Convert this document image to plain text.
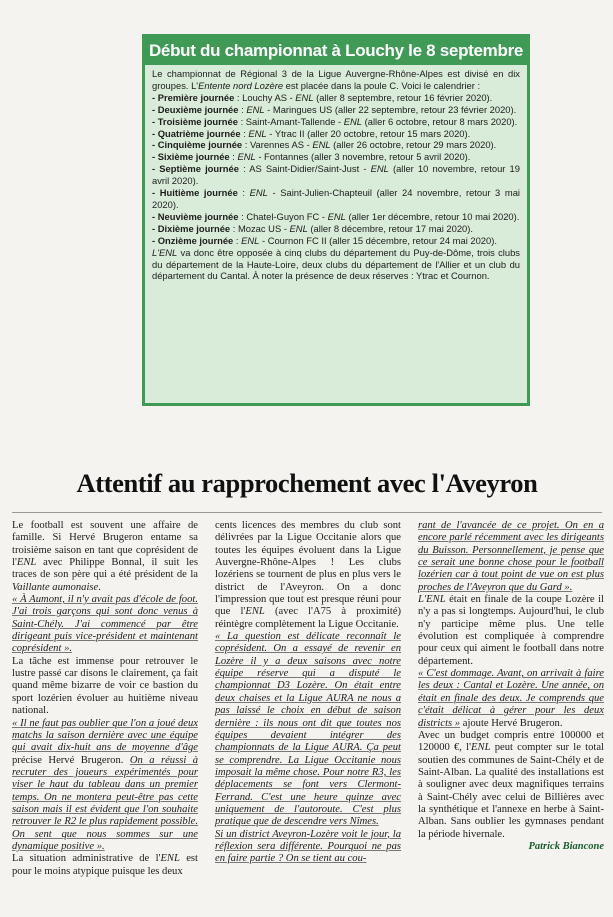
Début du championnat à Louchy le 8 septembre

Le championnat de Régional 3 de la Ligue Auvergne-Rhône-Alpes est divisé en dix groupes. L'Entente nord Lozère est placée dans la poule C. Voici le calendrier :

- Première journée : Louchy AS - ENL (aller 8 septembre, retour 16 février 2020).

- Deuxième journée : ENL - Maringues US (aller 22 septembre, retour 23 février 2020).

- Troisième journée : Saint-Amant-Tallende - ENL (aller 6 octobre, retour 8 mars 2020).

- Quatrième journée : ENL - Ytrac II (aller 20 octobre, retour 15 mars 2020).

- Cinquième journée : Varennes AS - ENL (aller 26 octobre, retour 29 mars 2020).

- Sixième journée : ENL - Fontannes (aller 3 novembre, retour 5 avril 2020).

- Septième journée : AS Saint-Didier/Saint-Just - ENL (aller 10 novembre, retour 19 avril 2020).

- Huitième journée : ENL - Saint-Julien-Chapteuil (aller 24 novembre, retour 3 mai 2020).

- Neuvième journée : Chatel-Guyon FC - ENL (aller 1er décembre, retour 10 mai 2020).

- Dixième journée : Mozac US - ENL (aller 8 décembre, retour 17 mai 2020).

- Onzième journée : ENL - Cournon FC II (aller 15 décembre, retour 24 mai 2020).

L'ENL va donc être opposée à cinq clubs du département du Puy-de-Dôme, trois clubs du département de la Haute-Loire, deux clubs du département de l'Allier et un club du département du Cantal. À noter la présence de deux réserves : Ytrac et Cournon.

Attentif au rapprochement avec l'Aveyron

Le football est souvent une affaire de famille. Si Hervé Brugeron entame sa troisième saison en tant que coprésident de l'ENL avec Philippe Bonnal, il suit les traces de son père qui a été président de la Vaillante aumonaise.

« À Aumont, il n'y avait pas d'école de foot. J'ai trois garçons qui sont donc venus à Saint-Chély. J'ai commencé par être dirigeant puis vice-président et maintenant coprésident ».

La tâche est immense pour retrouver le lustre passé car disons le clairement, ça fait quand même bizarre de voir ce bastion du sport lozérien évoluer au huitième niveau national.

« Il ne faut pas oublier que l'on a joué deux matchs la saison dernière avec une équipe qui avait dix-huit ans de moyenne d'âge précise Hervé Brugeron. On a réussi à recruter des joueurs expérimentés pour viser le haut du tableau dans un premier temps. On ne montera peut-être pas cette saison mais il est évident que l'on souhaite retrouver le R2 le plus rapidement possible. On sent que nous sommes sur une dynamique positive ».

La situation administrative de l'ENL est pour le moins atypique puisque les deux

cents licences des membres du club sont délivrées par la Ligue Occitanie alors que toutes les équipes évoluent dans la Ligue Auvergne-Rhône-Alpes ! Les clubs lozériens se tournent de plus en plus vers le district de l'Aveyron. On a donc l'impression que tout est presque réuni pour que l'ENL (avec l'A75 à proximité) réintègre complètement la Ligue Occitanie.

« La question est délicate reconnaît le coprésident. On a essayé de revenir en Lozère il y a deux saisons avec notre équipe réserve qui a disputé le championnat D3 Lozère. On était entre deux chaises et la Ligue AURA ne nous a pas laissé le choix en début de saison dernière : ils nous ont dit que toutes nos équipes devaient intégrer des championnats de la Ligue AURA. Ça peut se comprendre. La Ligue Occitanie nous imposait la même chose. Pour notre R3, les déplacements se font vers Clermont-Ferrand. C'est une heure quinze avec uniquement de l'autoroute. C'est plus pratique que de descendre vers Nîmes.

Si un district Aveyron-Lozère voit le jour, la réflexion sera différente. Pourquoi ne pas en faire partie ? On se tient au cou-

rant de l'avancée de ce projet. On en a encore parlé récemment avec les dirigeants du Buisson. Personnellement, je pense que ce serait une bonne chose pour le football lozérien car à tout point de vue on est plus proches de l'Aveyron que du Gard ».

L'ENL était en finale de la coupe Lozère il n'y a pas si longtemps. Aujourd'hui, le club n'y participe même plus. Une telle évolution est compliquée à comprendre pour ceux qui aiment le football dans notre département.

« C'est dommage. Avant, on arrivait à faire les deux : Cantal et Lozère. Une année, on était en finale des deux. Je comprends que c'était délicat à gérer pour les deux districts » ajoute Hervé Brugeron.

Avec un budget compris entre 100000 et 120000 €, l'ENL peut compter sur le total soutien des communes de Saint-Chély et de Saint-Alban. La qualité des installations est à souligner avec deux magnifiques terrains à Saint-Chély avec celui de Billières avec la synthétique et l'annexe en herbe à Saint-Alban. Sans oublier les gymnases pendant la période hivernale.

Patrick Biancone
